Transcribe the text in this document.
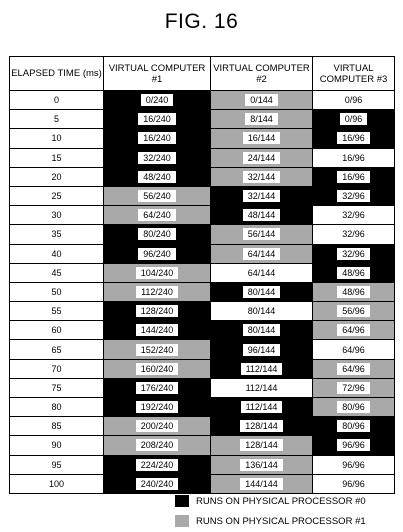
FIG. 16
ELAPSED TIME (ms)	VIRTUAL COMPUTER #1	VIRTUAL COMPUTER #2	VIRTUAL COMPUTER #3
0	0/240	0/144	0/96
5	16/240	8/144	0/96
10	16/240	16/144	16/96
15	32/240	24/144	16/96
20	48/240	32/144	16/96
25	56/240	32/144	32/96
30	64/240	48/144	32/96
35	80/240	56/144	32/96
40	96/240	64/144	32/96
45	104/240	64/144	48/96
50	112/240	80/144	48/96
55	128/240	80/144	56/96
60	144/240	80/144	64/96
65	152/240	96/144	64/96
70	160/240	112/144	64/96
75	176/240	112/144	72/96
80	192/240	112/144	80/96
85	200/240	128/144	80/96
90	208/240	128/144	96/96
95	224/240	136/144	96/96
100	240/240	144/144	96/96
RUNS ON PHYSICAL PROCESSOR #0
RUNS ON PHYSICAL PROCESSOR #1
